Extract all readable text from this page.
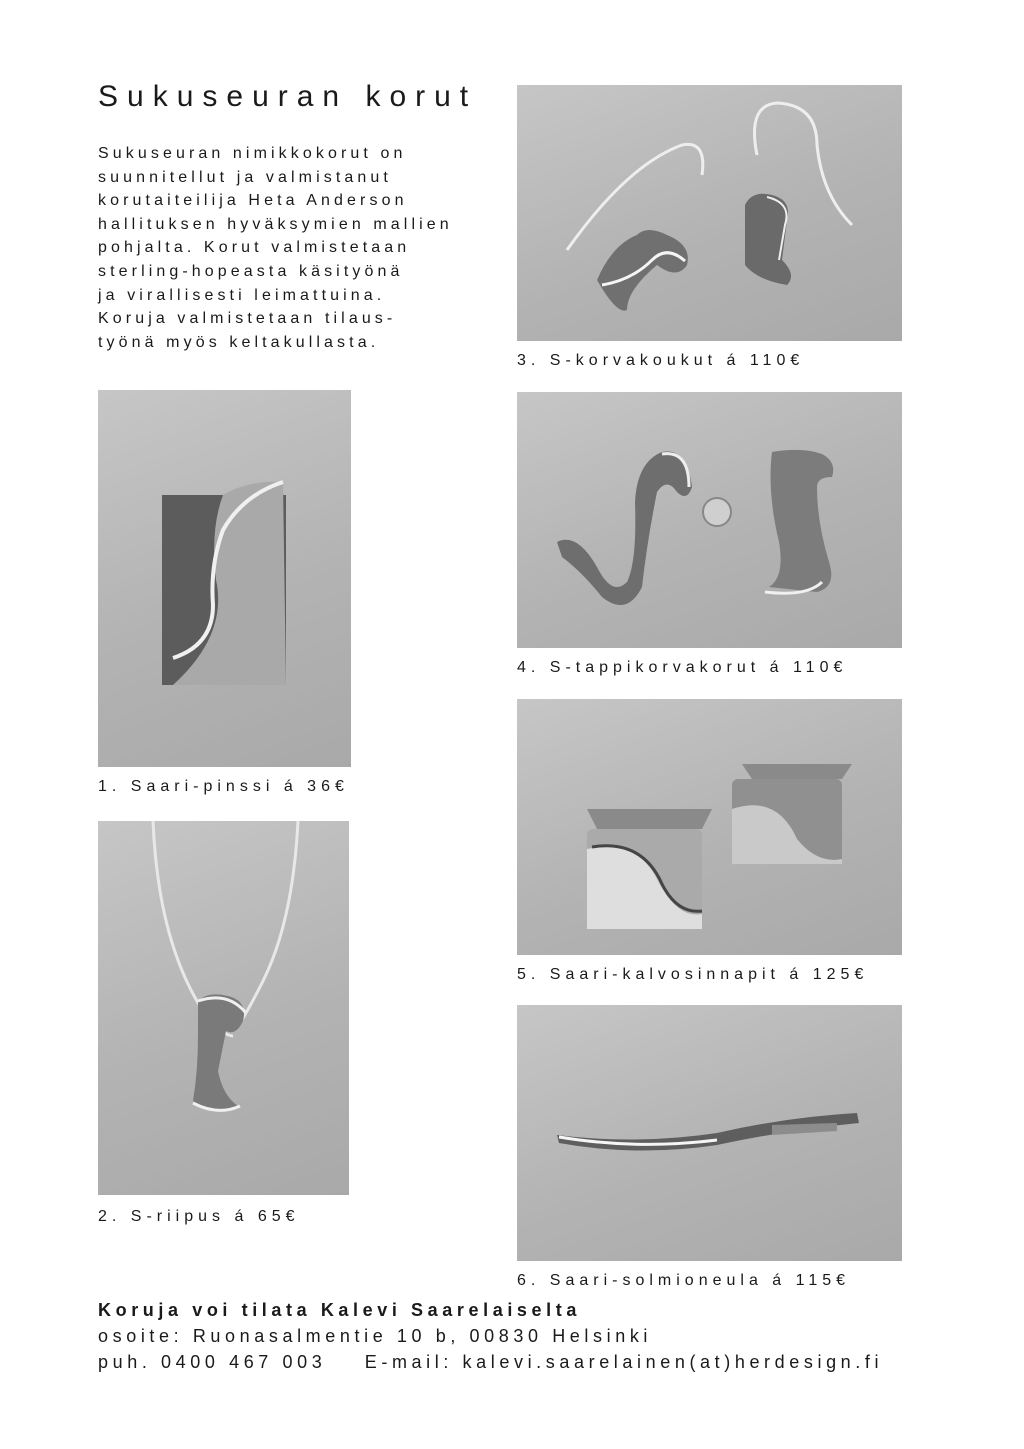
Sukuseuran korut
Sukuseuran nimikkokorut on
suunnitellut ja valmistanut
korutaiteilija Heta Anderson
hallituksen hyväksymien mallien
pohjalta. Korut valmistetaan
sterling-hopeasta käsityönä
ja virallisesti leimattuina.
Koruja valmistetaan tilaus-
työnä myös keltakullasta.
3. S-korvakoukut á 110€
1. Saari-pinssi á 36€
4. S-tappikorvakorut á 110€
5. Saari-kalvosinnapit á 125€
2. S-riipus á 65€
6. Saari-solmioneula á 115€
Koruja voi tilata Kalevi Saarelaiselta
osoite: Ruonasalmentie 10 b, 00830 Helsinki
puh. 0400 467 003    E-mail: kalevi.saarelainen(at)herdesign.fi
